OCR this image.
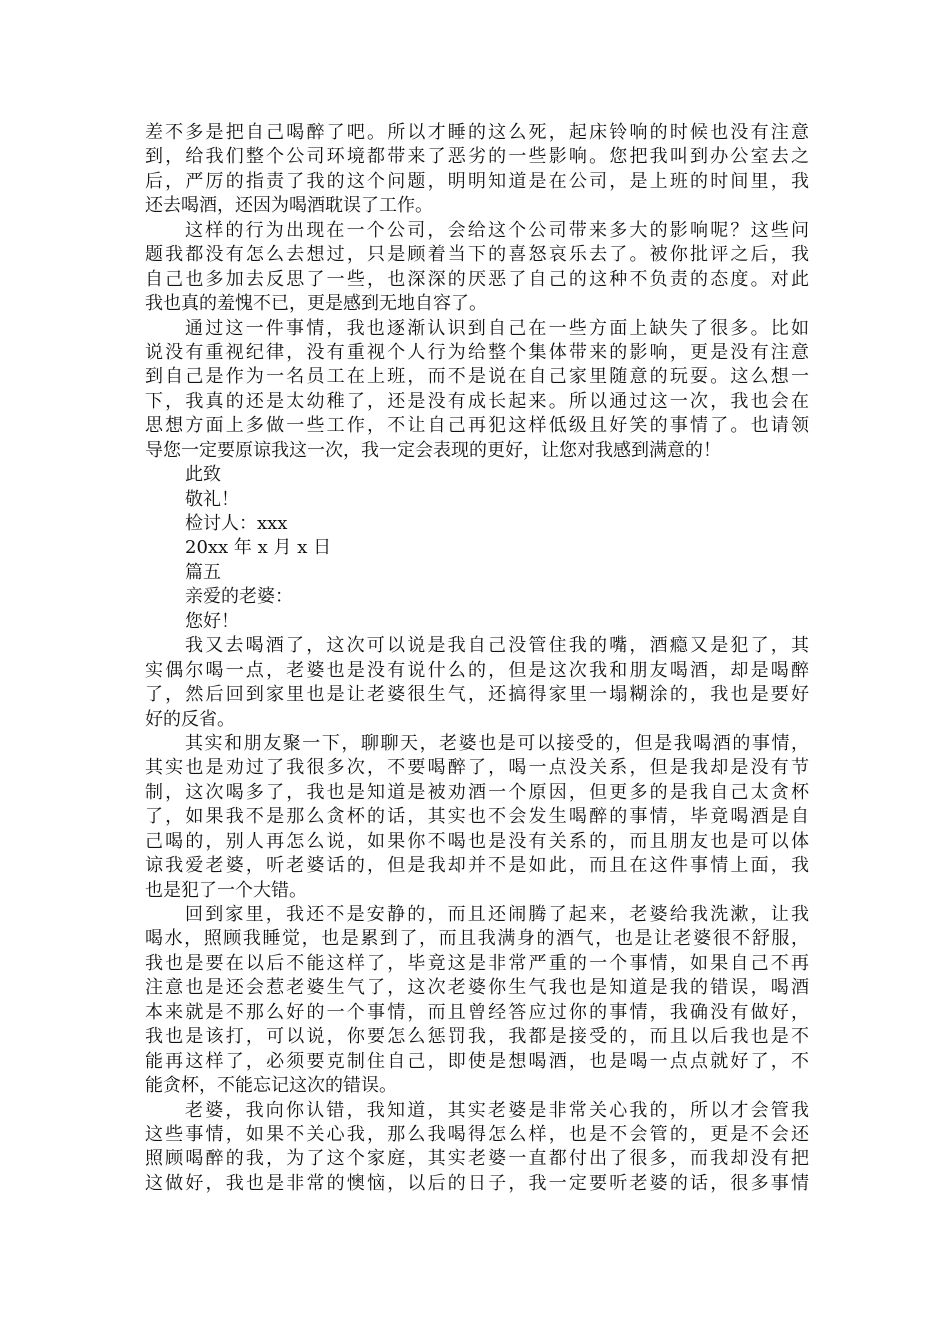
差不多是把自己喝醉了吧。所以才睡的这么死，起床铃响的时候也没有注意
到，给我们整个公司环境都带来了恶劣的一些影响。您把我叫到办公室去之
后，严厉的指责了我的这个问题，明明知道是在公司，是上班的时间里，我
还去喝酒，还因为喝酒耽误了工作。
这样的行为出现在一个公司，会给这个公司带来多大的影响呢？这些问
题我都没有怎么去想过，只是顾着当下的喜怒哀乐去了。被你批评之后，我
自己也多加去反思了一些，也深深的厌恶了自己的这种不负责的态度。对此
我也真的羞愧不已，更是感到无地自容了。
通过这一件事情，我也逐渐认识到自己在一些方面上缺失了很多。比如
说没有重视纪律，没有重视个人行为给整个集体带来的影响，更是没有注意
到自己是作为一名员工在上班，而不是说在自己家里随意的玩耍。这么想一
下，我真的还是太幼稚了，还是没有成长起来。所以通过这一次，我也会在
思想方面上多做一些工作，不让自己再犯这样低级且好笑的事情了。也请领
导您一定要原谅我这一次，我一定会表现的更好，让您对我感到满意的！
此致
敬礼！
检讨人：xxx
20xx 年 x 月 x 日
篇五
亲爱的老婆：
您好！
我又去喝酒了，这次可以说是我自己没管住我的嘴，酒瘾又是犯了，其
实偶尔喝一点，老婆也是没有说什么的，但是这次我和朋友喝酒，却是喝醉
了，然后回到家里也是让老婆很生气，还搞得家里一塌糊涂的，我也是要好
好的反省。
其实和朋友聚一下，聊聊天，老婆也是可以接受的，但是我喝酒的事情，
其实也是劝过了我很多次，不要喝醉了，喝一点没关系，但是我却是没有节
制，这次喝多了，我也是知道是被劝酒一个原因，但更多的是我自己太贪杯
了，如果我不是那么贪杯的话，其实也不会发生喝醉的事情，毕竟喝酒是自
己喝的，别人再怎么说，如果你不喝也是没有关系的，而且朋友也是可以体
谅我爱老婆，听老婆话的，但是我却并不是如此，而且在这件事情上面，我
也是犯了一个大错。
回到家里，我还不是安静的，而且还闹腾了起来，老婆给我洗漱，让我
喝水，照顾我睡觉，也是累到了，而且我满身的酒气，也是让老婆很不舒服，
我也是要在以后不能这样了，毕竟这是非常严重的一个事情，如果自己不再
注意也是还会惹老婆生气了，这次老婆你生气我也是知道是我的错误，喝酒
本来就是不那么好的一个事情，而且曾经答应过你的事情，我确没有做好，
我也是该打，可以说，你要怎么惩罚我，我都是接受的，而且以后我也是不
能再这样了，必须要克制住自己，即使是想喝酒，也是喝一点点就好了，不
能贪杯，不能忘记这次的错误。
老婆，我向你认错，我知道，其实老婆是非常关心我的，所以才会管我
这些事情，如果不关心我，那么我喝得怎么样，也是不会管的，更是不会还
照顾喝醉的我，为了这个家庭，其实老婆一直都付出了很多，而我却没有把
这做好，我也是非常的懊恼，以后的日子，我一定要听老婆的话，很多事情
